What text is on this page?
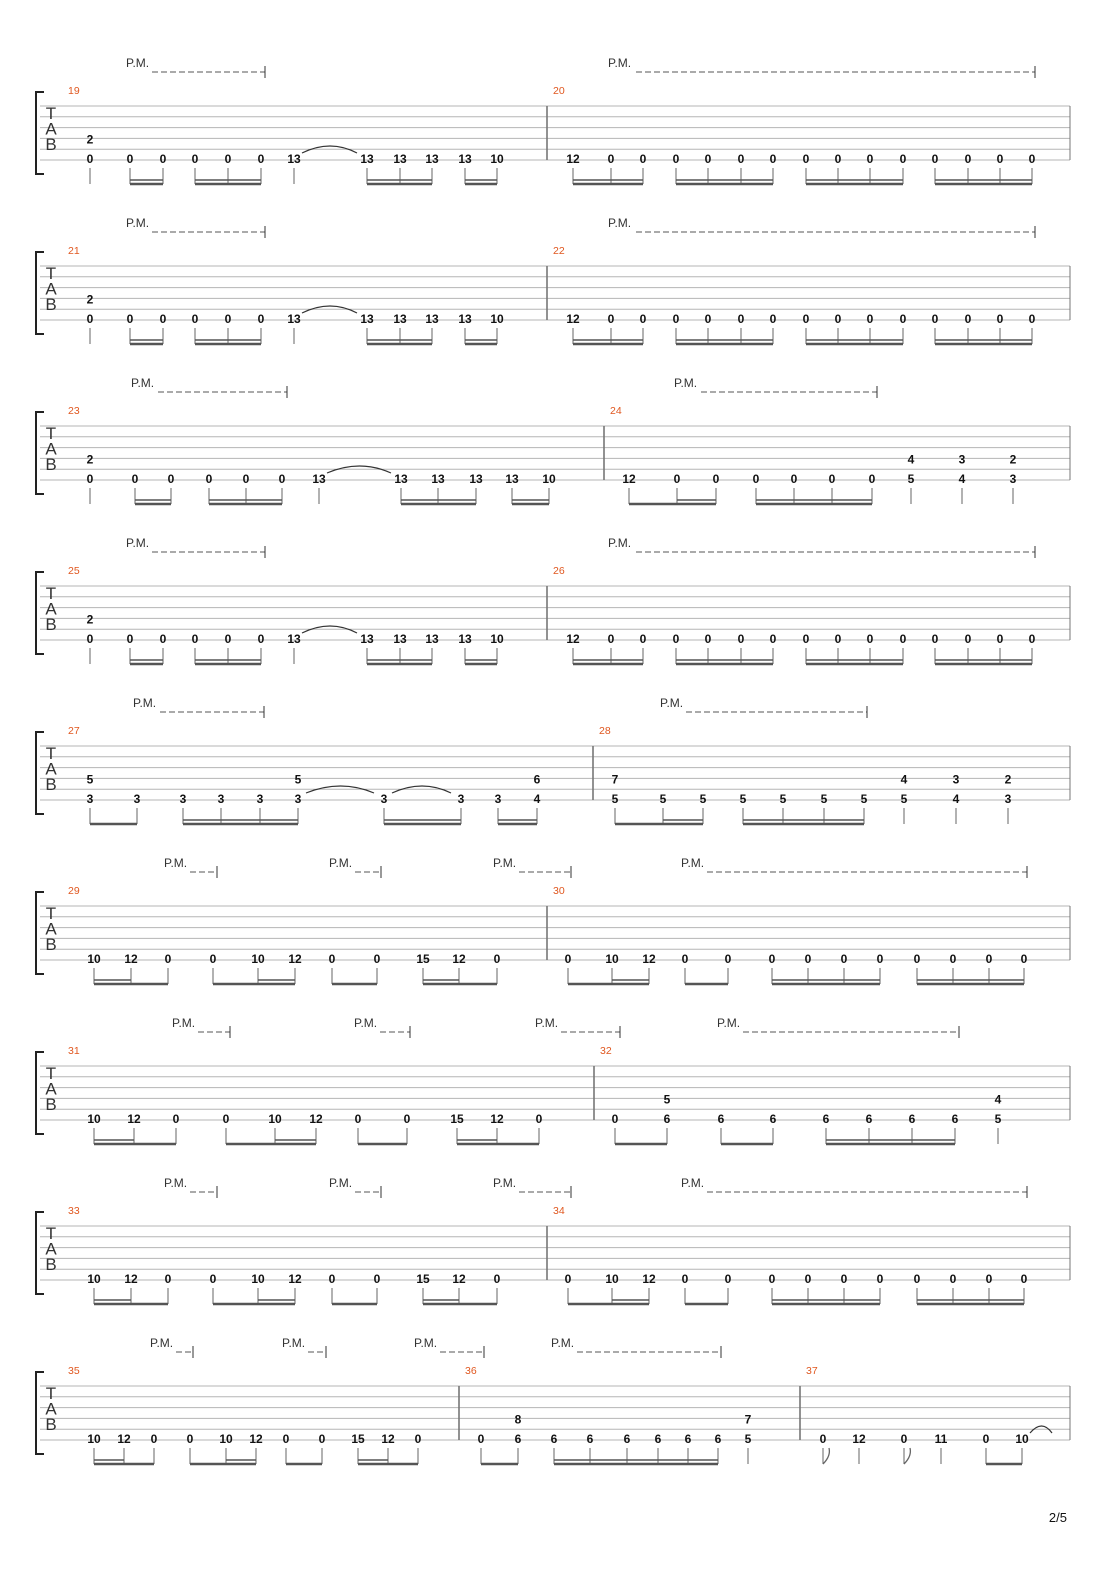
T
A
B
P.M.	P.M.
19
2
0	0 0 0 0 0 13	13 13 13 13 10
20
12 0 0 0 0 0 0 0 0 0 0 0 0 0 0
T
A
B
P.M.	P.M.
21
2
0	0 0 0 0 0 13	13 13 13 13 10
22
12 0 0 0 0 0 0 0 0 0 0 0 0 0 0
T
A
B
P.M.	P.M.
23
2
0	0 0	0	0 0 13	13 13 13 13 10
24
12	0	0	0	0	0	0
4
5
3
4
2
3
T
A
B
P.M.	P.M.
25
2
0	0 0 0 0 0 13	13 13 13 13 10
26
12 0 0 0 0 0 0 0 0 0 0 0 0 0 0
T
A
B
P.M.	P.M.
27
5
3	3	3	3	3
5
3	3	3	3
6
4
28
7
5	5	5	5	5	5	5
4
5
3
4
2
3
T
A
B
P.M.	P.M.	P.M.	P.M.
29
10 12 0	0	10 12 0	0	15 12 0
30
0	10 12 0	0	0 0 0 0	0 0 0 0
T
A
B
P.M.	P.M.	P.M.	P.M.
31
10 12	0	0	10 12	0	0	15 12	0
32
0
5
6	6	6	6	6	6	6
4
5
T
A
B
P.M.	P.M.	P.M.	P.M.
33
10 12 0	0	10 12 0	0	15 12 0
34
0	10 12 0	0	0 0 0 0	0 0 0 0
T
A
B
P.M.	P.M.	P.M.	P.M.
35
10 12 0 0 10 12 0 0 15 12 0
36
0
8
6 6 6	6 6 6 6
7
5
37
0 12	0 11	0 10
2/5
